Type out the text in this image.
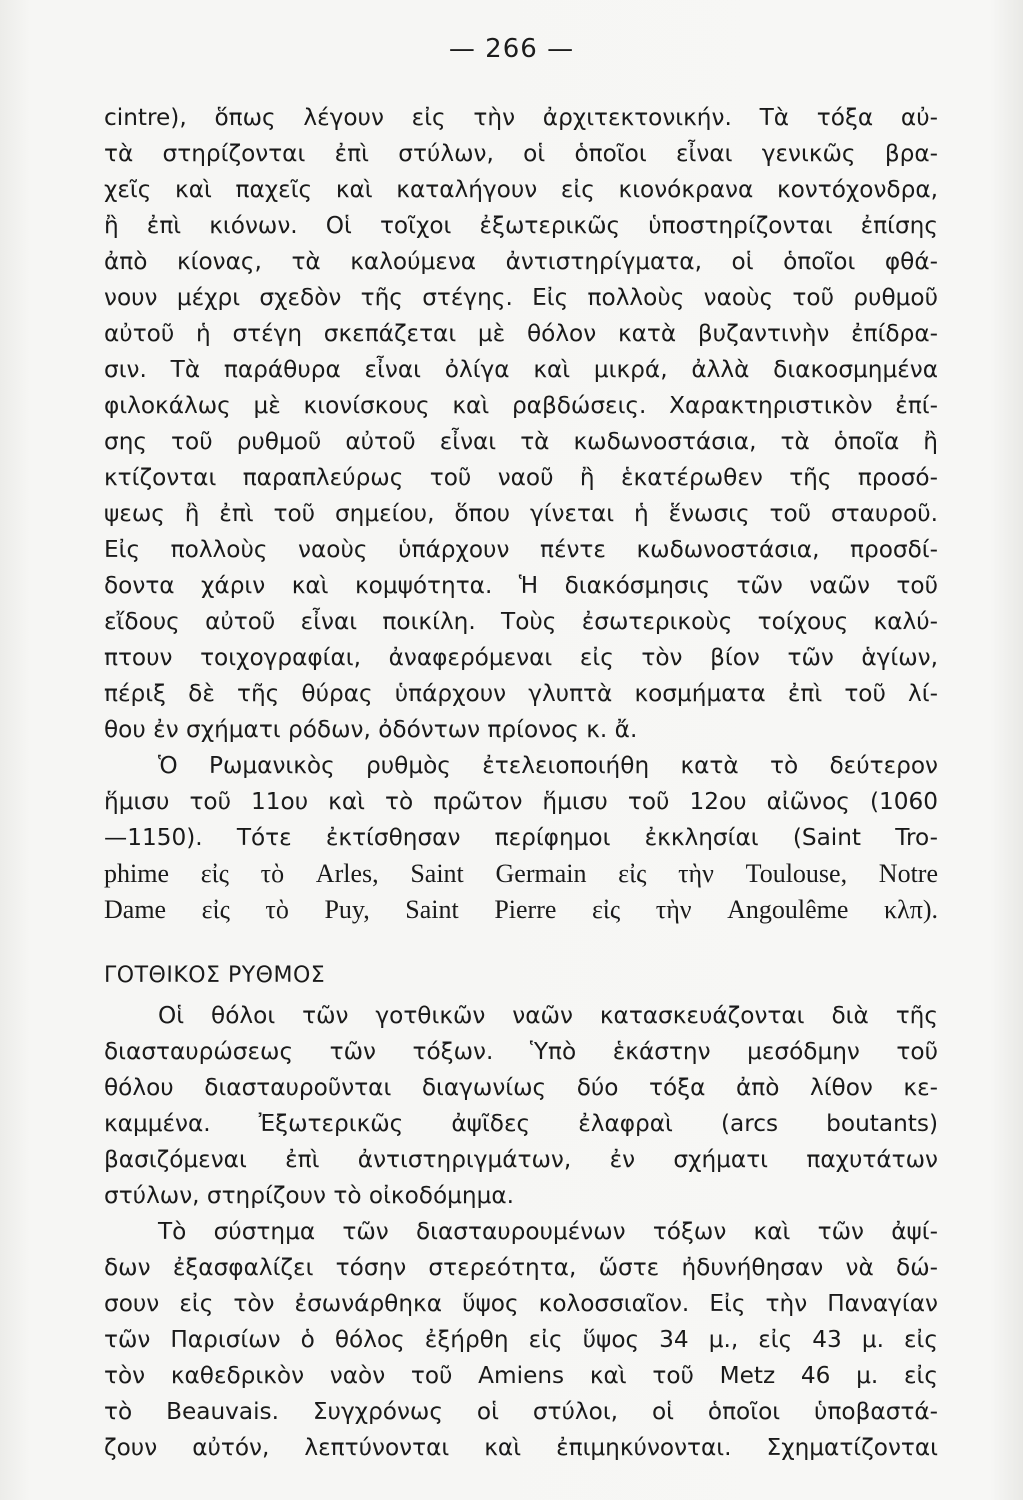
— 266 —
cintre), ὅπως λέγουν εἰς τὴν ἀρχιτεκτονικήν. Τὰ τόξα αὐ-
τὰ στηρίζονται ἐπὶ στύλων, οἱ ὁποῖοι εἶναι γενικῶς βρα-
χεῖς καὶ παχεῖς καὶ καταλήγουν εἰς κιονόκρανα κοντόχονδρα,
ἢ ἐπὶ κιόνων. Οἱ τοῖχοι ἐξωτερικῶς ὑποστηρίζονται ἐπίσης
ἀπὸ κίονας, τὰ καλούμενα ἀντιστηρίγματα, οἱ ὁποῖοι φθά-
νουν μέχρι σχεδὸν τῆς στέγης. Εἰς πολλοὺς ναοὺς τοῦ ρυθμοῦ
αὐτοῦ ἡ στέγη σκεπάζεται μὲ θόλον κατὰ βυζαντινὴν ἐπίδρα-
σιν. Τὰ παράθυρα εἶναι ὀλίγα καὶ μικρά, ἀλλὰ διακοσμημένα
φιλοκάλως μὲ κιονίσκους καὶ ραβδώσεις. Χαρακτηριστικὸν ἐπί-
σης τοῦ ρυθμοῦ αὐτοῦ εἶναι τὰ κωδωνοστάσια, τὰ ὁποῖα ἢ
κτίζονται παραπλεύρως τοῦ ναοῦ ἢ ἑκατέρωθεν τῆς προσό-
ψεως ἢ ἐπὶ τοῦ σημείου, ὅπου γίνεται ἡ ἕνωσις τοῦ σταυροῦ.
Εἰς πολλοὺς ναοὺς ὑπάρχουν πέντε κωδωνοστάσια, προσδί-
δοντα χάριν καὶ κομψότητα. Ἡ διακόσμησις τῶν ναῶν τοῦ
εἴδους αὐτοῦ εἶναι ποικίλη. Τοὺς ἐσωτερικοὺς τοίχους καλύ-
πτουν τοιχογραφίαι, ἀναφερόμεναι εἰς τὸν βίον τῶν ἁγίων,
πέριξ δὲ τῆς θύρας ὑπάρχουν γλυπτὰ κοσμήματα ἐπὶ τοῦ λί-
θου ἐν σχήματι ρόδων, ὀδόντων πρίονος κ. ἄ.
Ὁ Ρωμανικὸς ρυθμὸς ἐτελειοποιήθη κατὰ τὸ δεύτερον
ἥμισυ τοῦ 11ου καὶ τὸ πρῶτον ἥμισυ τοῦ 12ου αἰῶνος (1060
—1150). Τότε ἐκτίσθησαν περίφημοι ἐκκλησίαι (Saint Tro-
phime εἰς τὸ Arles, Saint Germain εἰς τὴν Toulouse, Notre
Dame εἰς τὸ Puy, Saint Pierre εἰς τὴν Angoulême κλπ).
ΓΟΤΘΙΚΟΣ ΡΥΘΜΟΣ
Οἱ θόλοι τῶν γοτθικῶν ναῶν κατασκευάζονται διὰ τῆς
διασταυρώσεως τῶν τόξων. Ὑπὸ ἑκάστην μεσόδμην τοῦ
θόλου διασταυροῦνται διαγωνίως δύο τόξα ἀπὸ λίθον κε-
καμμένα. Ἐξωτερικῶς ἀψῖδες ἐλαφραὶ (arcs boutants)
βασιζόμεναι ἐπὶ ἀντιστηριγμάτων, ἐν σχήματι παχυτάτων
στύλων, στηρίζουν τὸ οἰκοδόμημα.
Τὸ σύστημα τῶν διασταυρουμένων τόξων καὶ τῶν ἀψί-
δων ἐξασφαλίζει τόσην στερεότητα, ὥστε ἠδυνήθησαν νὰ δώ-
σουν εἰς τὸν ἐσωνάρθηκα ὕψος κολοσσιαῖον. Εἰς τὴν Παναγίαν
τῶν Παρισίων ὁ θόλος ἐξήρθη εἰς ὕψος 34 μ., εἰς 43 μ. εἰς
τὸν καθεδρικὸν ναὸν τοῦ Amiens καὶ τοῦ Metz 46 μ. εἰς
τὸ Beauvais. Συγχρόνως οἱ στύλοι, οἱ ὁποῖοι ὑποβαστά-
ζουν αὐτόν, λεπτύνονται καὶ ἐπιμηκύνονται. Σχηματίζονται
